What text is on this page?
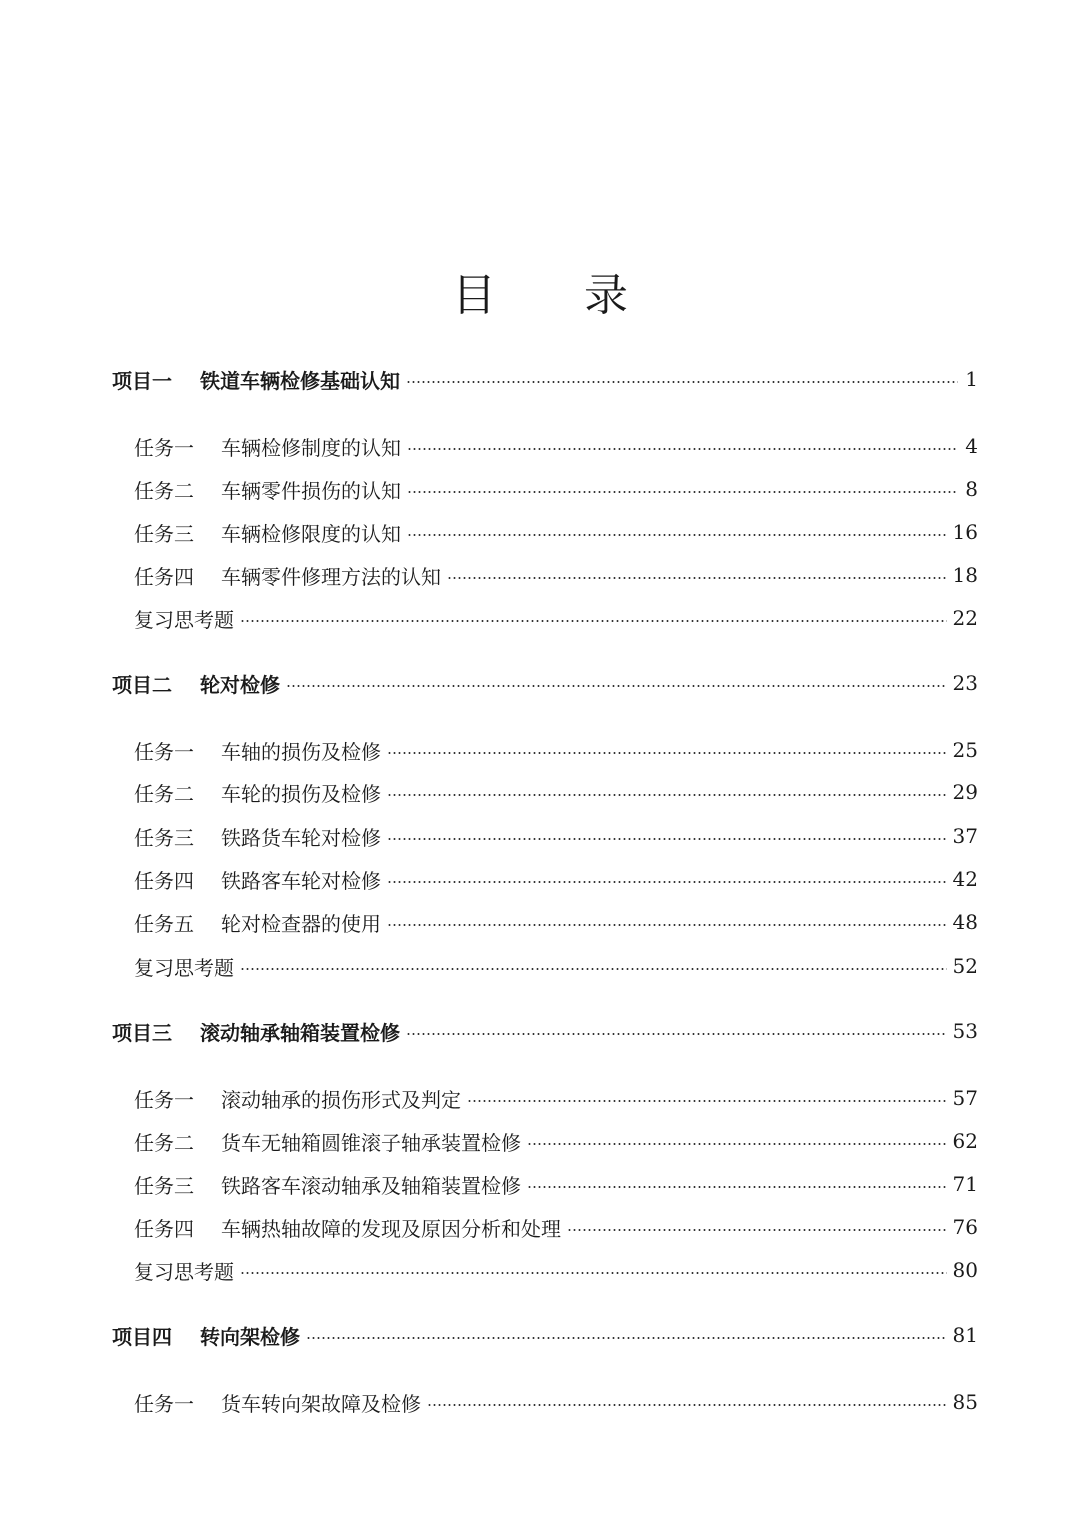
目 录
项目一	铁道车辆检修基础认知	1
任务一	车辆检修制度的认知	4
任务二	车辆零件损伤的认知	8
任务三	车辆检修限度的认知	16
任务四	车辆零件修理方法的认知	18
复习思考题	22
项目二	轮对检修	23
任务一	车轴的损伤及检修	25
任务二	车轮的损伤及检修	29
任务三	铁路货车轮对检修	37
任务四	铁路客车轮对检修	42
任务五	轮对检查器的使用	48
复习思考题	52
项目三	滚动轴承轴箱装置检修	53
任务一	滚动轴承的损伤形式及判定	57
任务二	货车无轴箱圆锥滚子轴承装置检修	62
任务三	铁路客车滚动轴承及轴箱装置检修	71
任务四	车辆热轴故障的发现及原因分析和处理	76
复习思考题	80
项目四	转向架检修	81
任务一	货车转向架故障及检修	85
